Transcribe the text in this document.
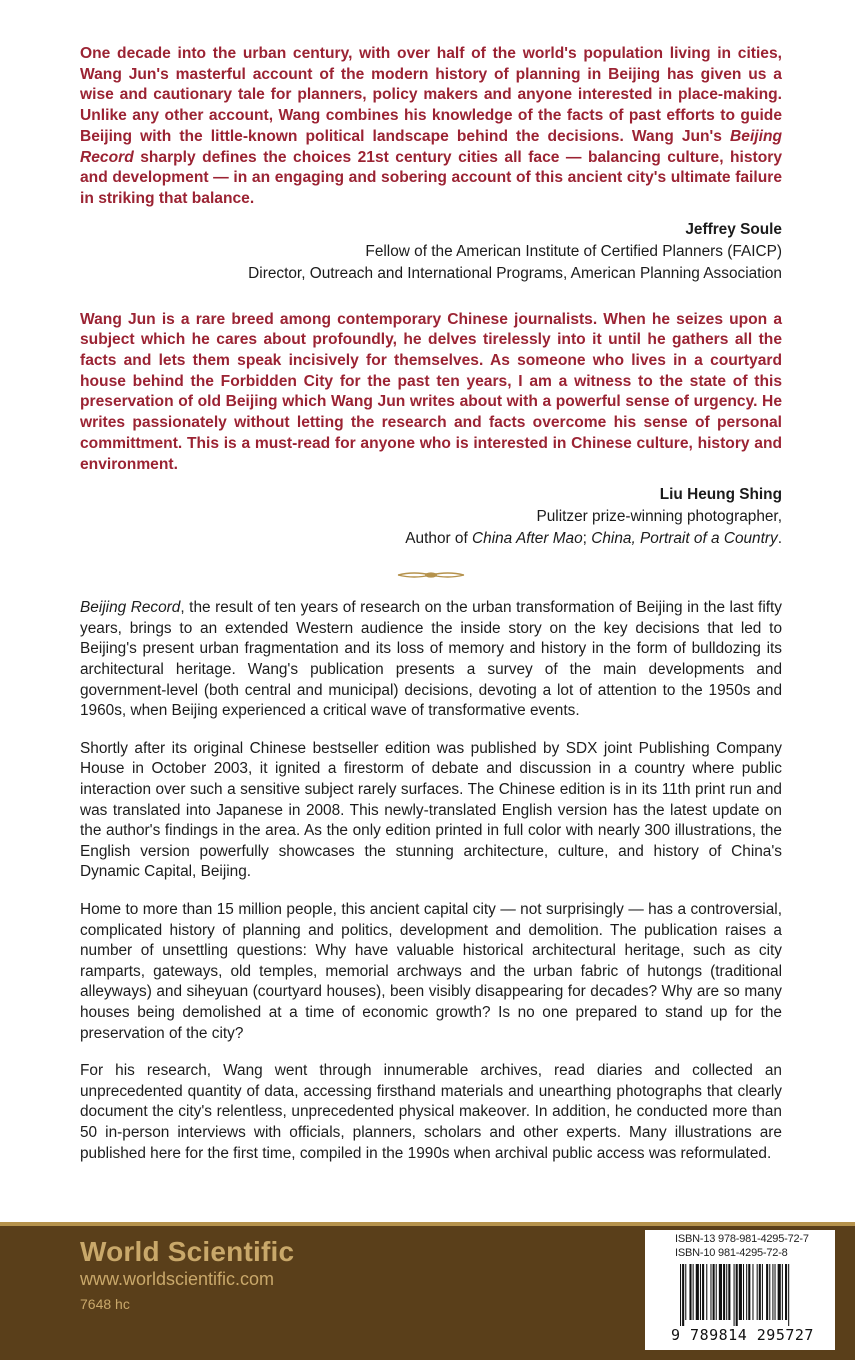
One decade into the urban century, with over half of the world's population living in cities, Wang Jun's masterful account of the modern history of planning in Beijing has given us a wise and cautionary tale for planners, policy makers and anyone interested in place-making. Unlike any other account, Wang combines his knowledge of the facts of past efforts to guide Beijing with the little-known political landscape behind the decisions. Wang Jun's Beijing Record sharply defines the choices 21st century cities all face — balancing culture, history and development — in an engaging and sobering account of this ancient city's ultimate failure in striking that balance.

Jeffrey Soule
Fellow of the American Institute of Certified Planners (FAICP)
Director, Outreach and International Programs, American Planning Association

Wang Jun is a rare breed among contemporary Chinese journalists. When he seizes upon a subject which he cares about profoundly, he delves tirelessly into it until he gathers all the facts and lets them speak incisively for themselves. As someone who lives in a courtyard house behind the Forbidden City for the past ten years, I am a witness to the state of this preservation of old Beijing which Wang Jun writes about with a powerful sense of urgency. He writes passionately without letting the research and facts overcome his sense of personal committment. This is a must-read for anyone who is interested in Chinese culture, history and environment.

Liu Heung Shing
Pulitzer prize-winning photographer,
Author of China After Mao; China, Portrait of a Country.

Beijing Record, the result of ten years of research on the urban transformation of Beijing in the last fifty years, brings to an extended Western audience the inside story on the key decisions that led to Beijing's present urban fragmentation and its loss of memory and history in the form of bulldozing its architectural heritage. Wang's publication presents a survey of the main developments and government-level (both central and municipal) decisions, devoting a lot of attention to the 1950s and 1960s, when Beijing experienced a critical wave of transformative events.

Shortly after its original Chinese bestseller edition was published by SDX joint Publishing Company House in October 2003, it ignited a firestorm of debate and discussion in a country where public interaction over such a sensitive subject rarely surfaces. The Chinese edition is in its 11th print run and was translated into Japanese in 2008. This newly-translated English version has the latest update on the author's findings in the area. As the only edition printed in full color with nearly 300 illustrations, the English version powerfully showcases the stunning architecture, culture, and history of China's Dynamic Capital, Beijing.

Home to more than 15 million people, this ancient capital city — not surprisingly — has a controversial, complicated history of planning and politics, development and demolition. The publication raises a number of unsettling questions: Why have valuable historical architectural heritage, such as city ramparts, gateways, old temples, memorial archways and the urban fabric of hutongs (traditional alleyways) and siheyuan (courtyard houses), been visibly disappearing for decades? Why are so many houses being demolished at a time of economic growth? Is no one prepared to stand up for the preservation of the city?

For his research, Wang went through innumerable archives, read diaries and collected an unprecedented quantity of data, accessing firsthand materials and unearthing photographs that clearly document the city's relentless, unprecedented physical makeover. In addition, he conducted more than 50 in-person interviews with officials, planners, scholars and other experts. Many illustrations are published here for the first time, compiled in the 1990s when archival public access was reformulated.

World Scientific
www.worldscientific.com
7648 hc
ISBN-13 978-981-4295-72-7
ISBN-10 981-4295-72-8
9 789814 295727
